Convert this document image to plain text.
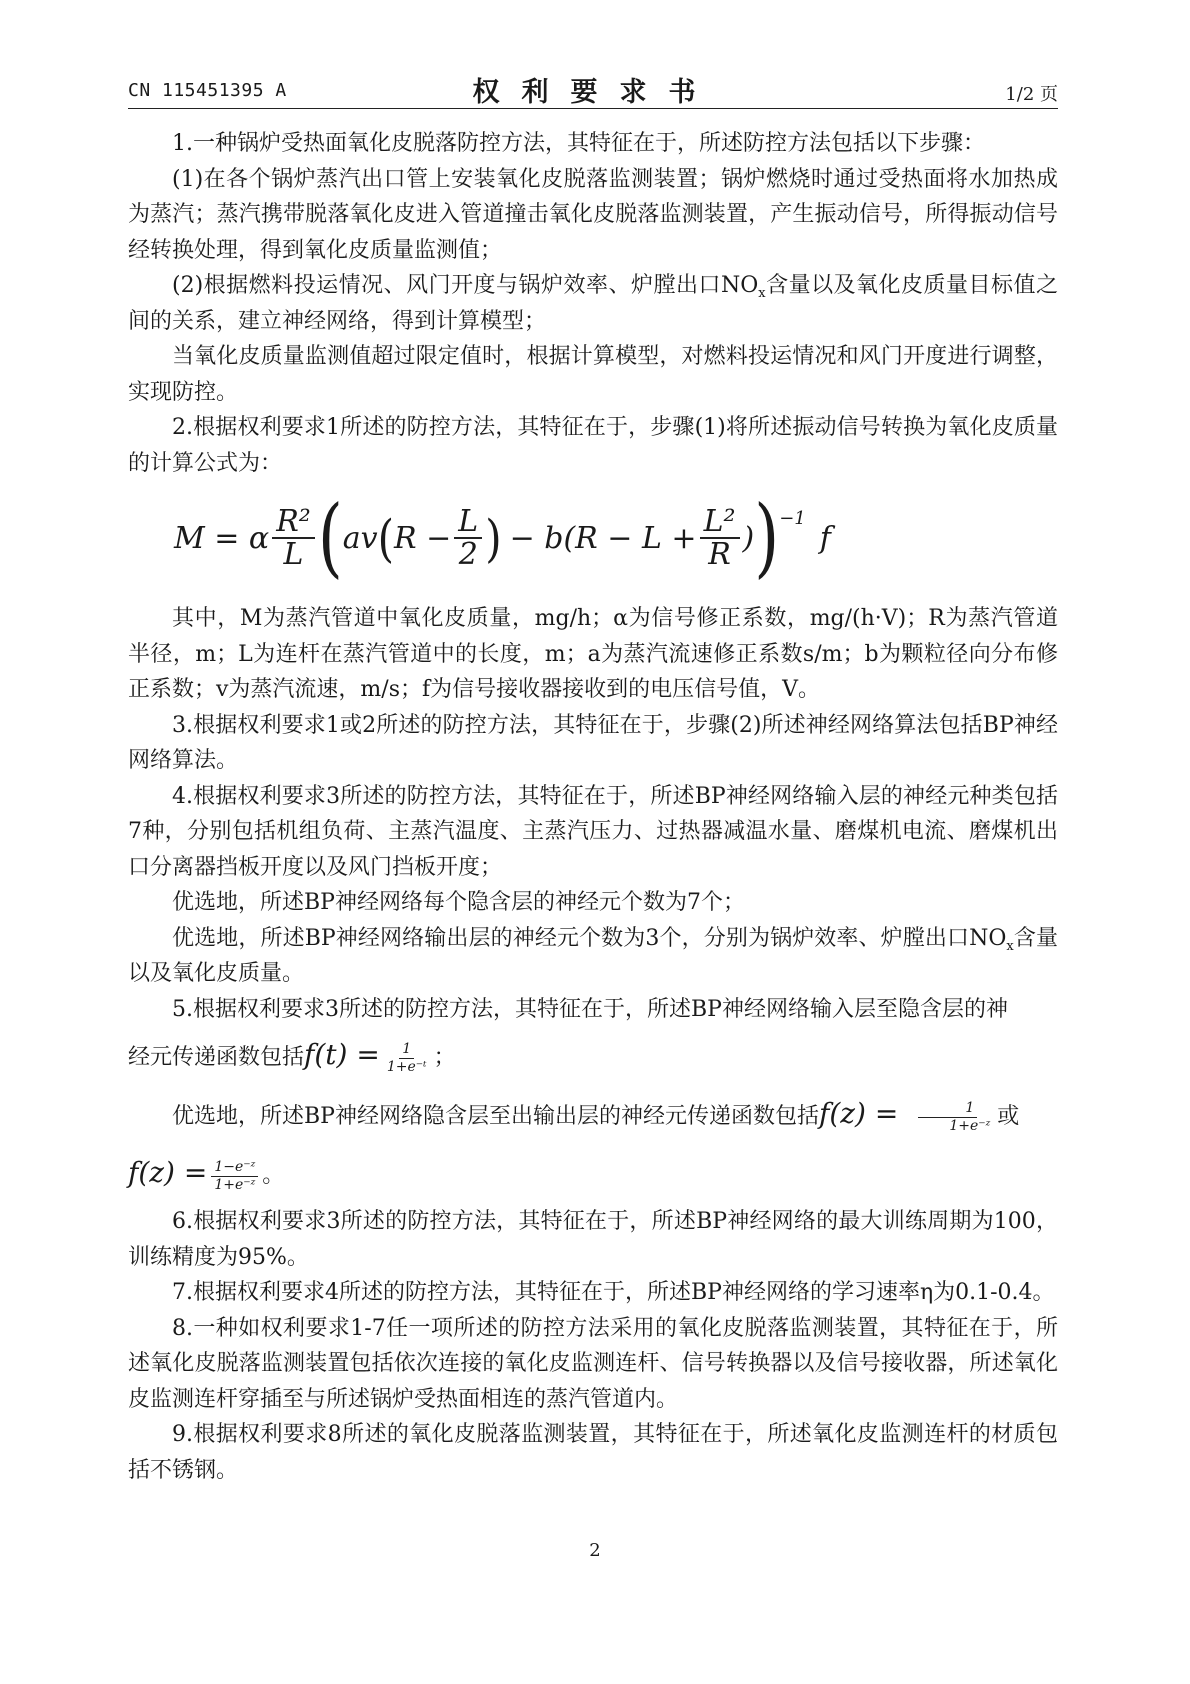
CN 115451395 A	权利要求书	1/2 页

1.一种锅炉受热面氧化皮脱落防控方法，其特征在于，所述防控方法包括以下步骤：

(1)在各个锅炉蒸汽出口管上安装氧化皮脱落监测装置；锅炉燃烧时通过受热面将水加热成为蒸汽；蒸汽携带脱落氧化皮进入管道撞击氧化皮脱落监测装置，产生振动信号，所得振动信号经转换处理，得到氧化皮质量监测值；

(2)根据燃料投运情况、风门开度与锅炉效率、炉膛出口$NO_x$含量以及氧化皮质量目标值之间的关系，建立神经网络，得到计算模型；

当氧化皮质量监测值超过限定值时，根据计算模型，对燃料投运情况和风门开度进行调整，实现防控。

2.根据权利要求1所述的防控方法，其特征在于，步骤(1)将所述振动信号转换为氧化皮质量的计算公式为：

M = α $\frac{\text{R²}}{L}$ ( av ( $R - \frac{L}{2}$ ) − $b(R - L + \frac{\text{L²}}{R}$ ) ) −1
f

其中，M为蒸汽管道中氧化皮质量，mg/h；α为信号修正系数，mg/(h·V)；R为蒸汽管道半径，m；L为连杆在蒸汽管道中的长度，m；a为蒸汽流速修正系数s/m；b为颗粒径向分布修正系数；v为蒸汽流速，m/s；f为信号接收器接收到的电压信号值，V。

3.根据权利要求1或2所述的防控方法，其特征在于，步骤(2)所述神经网络算法包括BP神经网络算法。

4.根据权利要求3所述的防控方法，其特征在于，所述BP神经网络输入层的神经元种类包括7种，分别包括机组负荷、主蒸汽温度、主蒸汽压力、过热器减温水量、磨煤机电流、磨煤机出口分离器挡板开度以及风门挡板开度；

优选地，所述BP神经网络每个隐含层的神经元个数为7个；

优选地，所述BP神经网络输出层的神经元个数为3个，分别为锅炉效率、炉膛出口$NO_x$含量以及氧化皮质量。

5.根据权利要求3所述的防控方法，其特征在于，所述BP神经网络输入层至隐含层的神

经元传递函数包括$f(t) = \frac{1}{\text{1+e⁻ᵗ}}$ ；

优选地，所述BP神经网络隐含层至出输出层的神经元传递函数包括$f(z) = \frac{1}{\text{1+e⁻ᶻ}}$ 或

$f(z) = \frac{\text{1−e⁻ᶻ}}{\text{1+e⁻ᶻ}}$ 。

6.根据权利要求3所述的防控方法，其特征在于，所述BP神经网络的最大训练周期为100，训练精度为95%。

7.根据权利要求4所述的防控方法，其特征在于，所述BP神经网络的学习速率η为0.1-0.4。

8.一种如权利要求1-7任一项所述的防控方法采用的氧化皮脱落监测装置，其特征在于，所述氧化皮脱落监测装置包括依次连接的氧化皮监测连杆、信号转换器以及信号接收器，所述氧化皮监测连杆穿插至与所述锅炉受热面相连的蒸汽管道内。

9.根据权利要求8所述的氧化皮脱落监测装置，其特征在于，所述氧化皮监测连杆的材质包括不锈钢。

2
